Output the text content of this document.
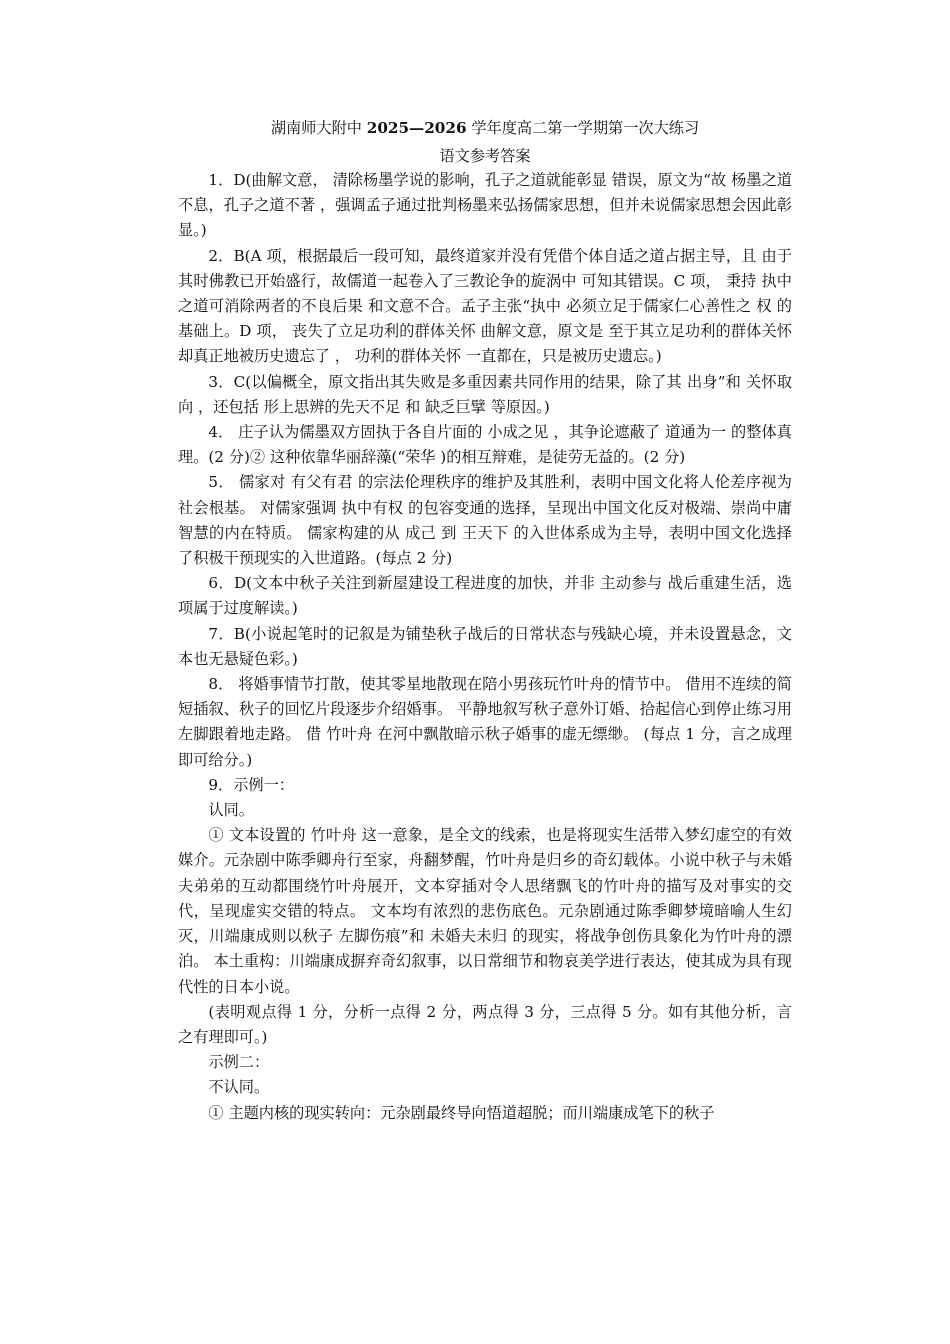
湖南师大附中 2025—2026 学年度高二第一学期第一次大练习
语文参考答案

1．D(曲解文意， 清除杨墨学说的影响，孔子之道就能彰显 错误，原文为“故 杨墨之道不息，孔子之道不著 ，强调孟子通过批判杨墨来弘扬儒家思想，但并未说儒家思想会因此彰显。)

2．B(A 项，根据最后一段可知，最终道家并没有凭借个体自适之道占据主导，且 由于其时佛教已开始盛行，故儒道一起卷入了三教论争的旋涡中 可知其错误。C 项， 秉持 执中 之道可消除两者的不良后果 和文意不合。孟子主张“执中 必须立足于儒家仁心善性之 权 的基础上。D 项， 丧失了立足功利的群体关怀 曲解文意，原文是 至于其立足功利的群体关怀却真正地被历史遗忘了 ， 功利的群体关怀 一直都在，只是被历史遗忘。)

3．C(以偏概全，原文指出其失败是多重因素共同作用的结果，除了其 出身”和 关怀取向 ，还包括 形上思辨的先天不足 和 缺乏巨擘 等原因。)

4． 庄子认为儒墨双方固执于各自片面的 小成之见 ，其争论遮蔽了 道通为一 的整体真理。(2 分)② 这种依靠华丽辞藻(“荣华 )的相互辩难，是徒劳无益的。(2 分)

5． 儒家对 有父有君 的宗法伦理秩序的维护及其胜利，表明中国文化将人伦差序视为社会根基。 对儒家强调 执中有权 的包容变通的选择，呈现出中国文化反对极端、崇尚中庸智慧的内在特质。 儒家构建的从 成己 到 王天下 的入世体系成为主导，表明中国文化选择了积极干预现实的入世道路。(每点 2 分)

6．D(文本中秋子关注到新屋建设工程进度的加快，并非 主动参与 战后重建生活，选项属于过度解读。)

7．B(小说起笔时的记叙是为铺垫秋子战后的日常状态与残缺心境，并未设置悬念，文本也无悬疑色彩。)

8． 将婚事情节打散，使其零星地散现在陪小男孩玩竹叶舟的情节中。 借用不连续的简短插叙、秋子的回忆片段逐步介绍婚事。 平静地叙写秋子意外订婚、拾起信心到停止练习用左脚跟着地走路。 借 竹叶舟 在河中飘散暗示秋子婚事的虚无缥缈。 (每点 1 分，言之成理即可给分。)

9．示例一：

认同。

① 文本设置的 竹叶舟 这一意象，是全文的线索，也是将现实生活带入梦幻虚空的有效媒介。元杂剧中陈季卿舟行至家，舟翻梦醒，竹叶舟是归乡的奇幻载体。小说中秋子与未婚夫弟弟的互动都围绕竹叶舟展开，文本穿插对令人思绪飘飞的竹叶舟的描写及对事实的交代，呈现虚实交错的特点。 文本均有浓烈的悲伤底色。元杂剧通过陈季卿梦境暗喻人生幻灭，川端康成则以秋子 左脚伤痕”和 未婚夫未归 的现实，将战争创伤具象化为竹叶舟的漂泊。 本土重构：川端康成摒弃奇幻叙事，以日常细节和物哀美学进行表达，使其成为具有现代性的日本小说。

(表明观点得 1 分，分析一点得 2 分，两点得 3 分，三点得 5 分。如有其他分析，言之有理即可。)

示例二：

不认同。

① 主题内核的现实转向：元杂剧最终导向悟道超脱；而川端康成笔下的秋子
